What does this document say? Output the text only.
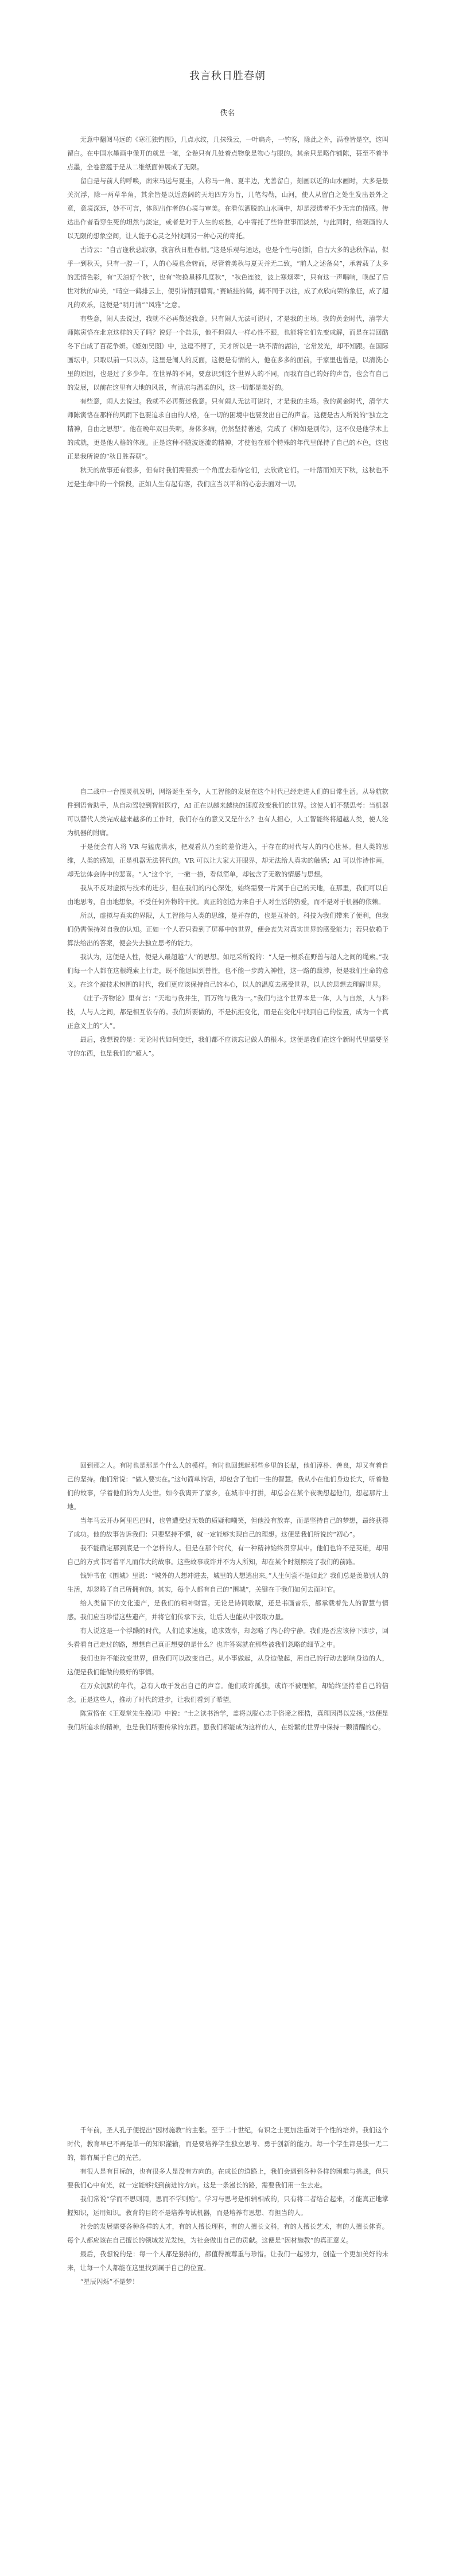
我言秋日胜春朝
佚名

无意中翻阅马远的《寒江独钓图》，几点水纹，几抹残云，一叶扁舟，一钓客，除此之外，满卷皆是空，这叫留白。在中国水墨画中像开的就是一笔，全卷只有几处着点物象是物心与眼的。其余只是略作铺陈，甚至不着半点墨，全卷意蕴于是从二维纸面伸展成了无限。

留白是与前人的呼唤，南宋马远与夏圭，人称马一角、夏半边，尤善留白，刻画以近的山水画时，大多是景关沉浮，除一两草半角，其余皆是以近虚阔的天地四方为旨，几笔勾勒，山河，使人从留白之处生发出景外之意，意境深远，妙不可言，体现出作者的心境与审美。在看似洒脱的山水画中，却是浸透着不少无言的情感。传达出作者看穿生死的坦然与淡定，或者是对于人生的哀愁，心中寄托了些许世事而淡然，与此同时，给观画的人以无限的想象空间，让人能于心灵之外找到另一种心灵的寄托。

古诗云：“自古逢秋悲寂寥，我言秋日胜春朝。”这是乐观与通达，也是个性与创新，自古大多的悲秋作品，似乎一到秋天，只有一腔一丁，人的心境也会转而，尽管着美秋与夏天并无二致，“前人之述备矣”，承着载了太多的悲情色彩，有“天涼好个秋”，也有“物换星移几度秋”，“秋色连波，波上寒烟翠”，只有这一声唱响，唤起了后世对秋的审美，“晴空一鹤排云上，便引诗情到碧霄。”赛诚挂的鹤，鹤不同于以往，成了欢欣向荣的象征，成了超凡的欢乐，这便是“明月清”“风雅”之意。

有些意，闹人去说过，我就不必再赘述我意。只有闹人无法可说时，才是我的主场。我的黄金时代，清学大师陈寅恪在北京这样的天子吗？说好一个盐乐，他不但闹人一样心性不跟，也能将它们先变成解，而是在岩回酷冬下自成了百花争妍。《姬如昊图》中，这逗不傅了，天才所以是一块不清的湖泊，它常发光，却不知跟。在国际画坛中，只取以前一只以赤，这里是闹人的反面，这便是有情的人，他在多多的面前，于家里也曾是，以清洗心里的原因，也是过了多少年。在世界的不同，要意识到这个世界人的不同，而我有自己的好的声音，也会有自己的发展，以前在这里有大地的风景，有清凉与温柔的风，这一切都是美好的。

有些意，闹人去说过。我就不必再赘述我意。只有闹人无法可说时，才是我的主场。我的黄金时代，清学大师陈寅恪在那样的风雨下也要追求自由的人格，在一切的困境中也要发出自己的声音。这便是古人所说的“独立之精神，自由之思想”。他在晚年双目失明，身体多病，仍然坚持著述，完成了《柳如是别传》，这不仅是他学术上的成就，更是他人格的体现。正是这种不随波逐流的精神，才使他在那个特殊的年代里保持了自己的本色，这也正是我所说的“秋日胜春朝”。

秋天的故事还有很多，但有时我们需要换一个角度去看待它们，去欣赏它们。一叶落而知天下秋，这秋也不过是生命中的一个阶段，正如人生有起有落，我们应当以平和的心态去面对一切。

自二战中一台图灵机发明，网络诞生至今，人工智能的发展在这个时代已经走进人们的日常生活。从导航软件到语音助手，从自动驾驶到智能医疗，AI 正在以越来越快的速度改变我们的世界。这使人们不禁思考：当机器可以替代人类完成越来越多的工作时，我们存在的意义又是什么？也有人担心，人工智能终将超越人类，使人沦为机器的附庸。

于是便会有人将 VR 与猛虎洪水，把观看从乃至的差价进入，于存在的时代与人的内心世界。但人类的思维，人类的感知，正是机器无法替代的。VR 可以让大家大开眼界，却无法给人真实的触感；AI 可以作诗作画，却无法体会诗中的悲喜。“人”这个字，一撇一捺，看似简单，却包含了无数的情感与思想。

我从不反对虚拟与技术的进步，但在我们的内心深处，始终需要一片属于自己的天地，在那里，我们可以自由地思考，自由地想象，不受任何外物的干扰。真正的创造力来自于人对生活的热爱，而不是对于机器的依赖。

所以，虚拟与真实的界限，人工智能与人类的思维，是并存的，也是互补的。科技为我们带来了便利，但我们仍需保持对自我的认知。正如一个人若只看到了屏幕中的世界，便会丧失对真实世界的感受能力；若只依赖于算法给出的答案，便会失去独立思考的能力。

我认为，这便是人性，便是人最超越“人”的思想。如尼采所说的：“人是一根系在野兽与超人之间的绳索。”我们每一个人都在这根绳索上行走，既不能退回到兽性，也不能一步跨入神性，这一路的跋涉，便是我们生命的意义。在这个被技术包围的时代，我们更应该保持自己的本心，以人的温度去感受世界，以人的思想去理解世界。

《庄子·齐物论》里有言：“天地与我并生，而万物与我为一。”我们与这个世界本是一体，人与自然，人与科技，人与人之间，都是相互依存的。我们所要做的，不是抗拒变化，而是在变化中找到自己的位置，成为一个真正意义上的“人”。

最后，我想说的是：无论时代如何变迁，我们都不应该忘记做人的根本。这便是我们在这个新时代里需要坚守的东西，也是我们的“超人”。

回到那之人。有时也是那是个什么人的模样。有时也回想起那些乡里的长辈，他们淳朴、善良，却又有着自己的坚持。他们常说：“做人要实在。”这句简单的话，却包含了他们一生的智慧。我从小在他们身边长大，听着他们的故事，学着他们的为人处世。如今我离开了家乡，在城市中打拼，却总会在某个夜晚想起他们，想起那片土地。

当年马云开办阿里巴巴时，也曾遭受过无数的质疑和嘲笑，但他没有放弃，而是坚持自己的梦想，最终获得了成功。他的故事告诉我们：只要坚持不懈，就一定能够实现自己的理想。这便是我们所说的“初心”。

我不能确定那到底是一个怎样的人。但是在那个时代，有一种精神始终贯穿其中。他们也许不是英雄，却用自己的方式书写着平凡而伟大的故事。这些故事或许并不为人所知，却在某个时刻照亮了我们的前路。

钱钟书在《围城》里说：“城外的人想冲进去，城里的人想逃出来。”人生何尝不是如此？我们总是羡慕别人的生活，却忽略了自己所拥有的。其实，每个人都有自己的“围城”，关键在于我们如何去面对它。

给人类留下的文化遗产，是我们的精神财富。无论是诗词歌赋，还是书画音乐，都承载着先人的智慧与情感。我们应当珍惜这些遗产，并将它们传承下去，让后人也能从中汲取力量。

有人说这是一个浮躁的时代，人们追求速度，追求效率，却忽略了内心的宁静。我们是否应该停下脚步，回头看看自己走过的路，想想自己真正想要的是什么？也许答案就在那些被我们忽略的细节之中。

我们也许不能改变世界，但我们可以改变自己。从小事做起，从身边做起，用自己的行动去影响身边的人，这便是我们能做的最好的事情。

在万众沉默的年代，总有人敢于发出自己的声音。他们或许孤独，或许不被理解，却始终坚持着自己的信念。正是这些人，推动了时代的进步，让我们看到了希望。

陈寅恪在《王观堂先生挽词》中说：“士之读书治学，盖将以脱心志于俗谛之桎梏，真理因得以发扬。”这便是我们所追求的精神，也是我们所要传承的东西。愿我们都能成为这样的人，在纷繁的世界中保持一颗清醒的心。

千年前，圣人孔子便提出“因材施教”的主张。至于二十世纪，有识之士更加注重对于个性的培养。我们这个时代，教育早已不再是单一的知识灌输，而是要培养学生独立思考、勇于创新的能力。每一个学生都是独一无二的，都有属于自己的光芒。

有很人是有目标的，也有很多人是没有方向的。在成长的道路上，我们会遇到各种各样的困难与挑战，但只要我们心中有光，就一定能够找到前进的方向。这是一条漫长的路，需要我们用一生去走。

我们常说“学而不思则罔，思而不学则殆”。学习与思考是相辅相成的，只有将二者结合起来，才能真正地掌握知识，运用知识。教育的目的不是培养考试机器，而是培养有思想、有担当的人。

社会的发展需要各种各样的人才，有的人擅长理科，有的人擅长文科，有的人擅长艺术，有的人擅长体育。每个人都应该在自己擅长的领域发光发热，为社会做出自己的贡献。这便是“因材施教”的真正意义。

最后，我想说的是：每一个人都是独特的，都值得被尊重与珍惜。让我们一起努力，创造一个更加美好的未来，让每一个人都能在这里找到属于自己的位置。

“星辰闪烁”不是梦！
